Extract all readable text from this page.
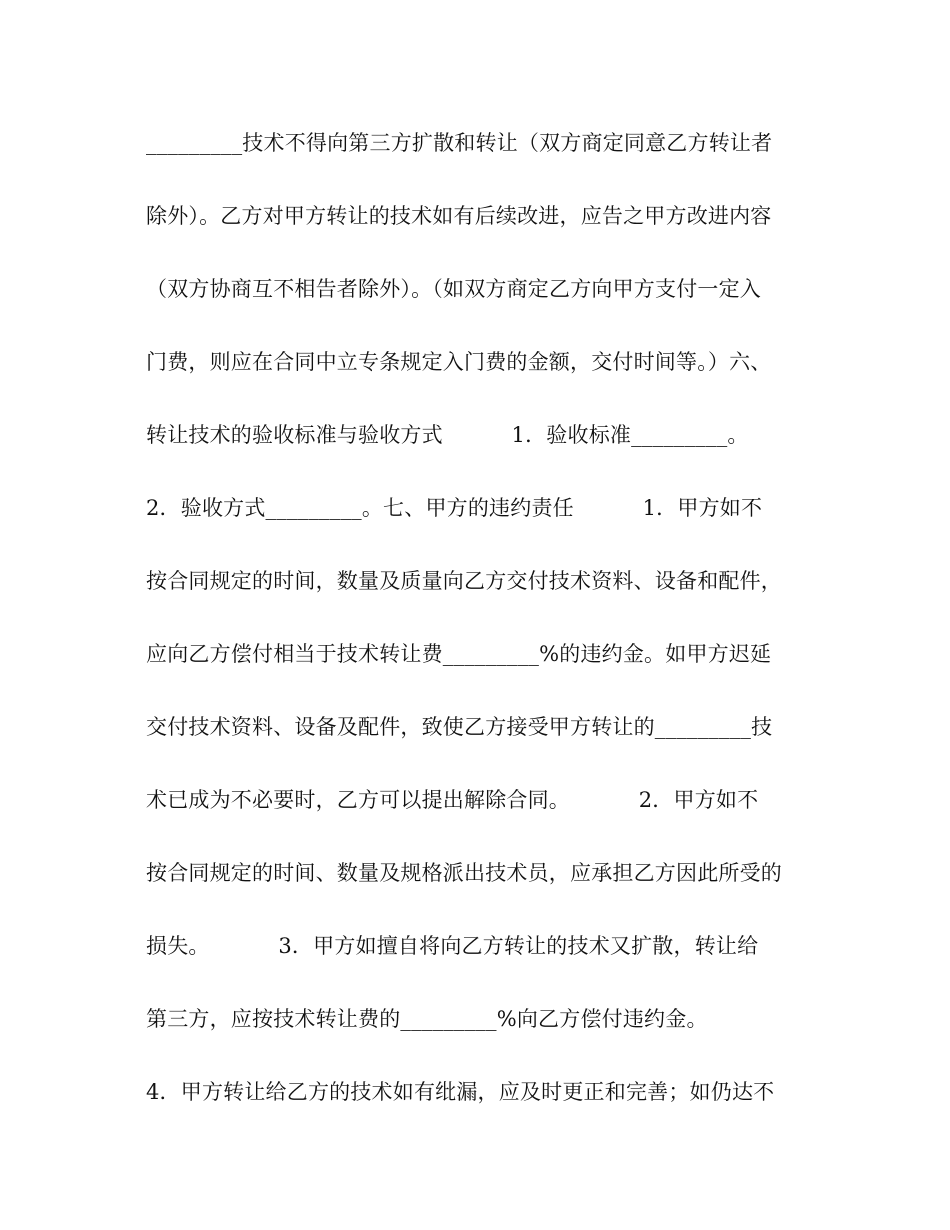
_________技术不得向第三方扩散和转让（双方商定同意乙方转让者
除外）。乙方对甲方转让的技术如有后续改进，应告之甲方改进内容
（双方协商互不相告者除外）。（如双方商定乙方向甲方支付一定入
门费，则应在合同中立专条规定入门费的金额，交付时间等。）六、
转让技术的验收标准与验收方式          1．验收标准_________。
2．验收方式_________。七、甲方的违约责任          1．甲方如不
按合同规定的时间，数量及质量向乙方交付技术资料、设备和配件，
应向乙方偿付相当于技术转让费_________%的违约金。如甲方迟延
交付技术资料、设备及配件，致使乙方接受甲方转让的_________技
术已成为不必要时，乙方可以提出解除合同。          2．甲方如不
按合同规定的时间、数量及规格派出技术员，应承担乙方因此所受的
损失。          3．甲方如擅自将向乙方转让的技术又扩散，转让给
第三方，应按技术转让费的_________%向乙方偿付违约金。
4．甲方转让给乙方的技术如有纰漏，应及时更正和完善；如仍达不
